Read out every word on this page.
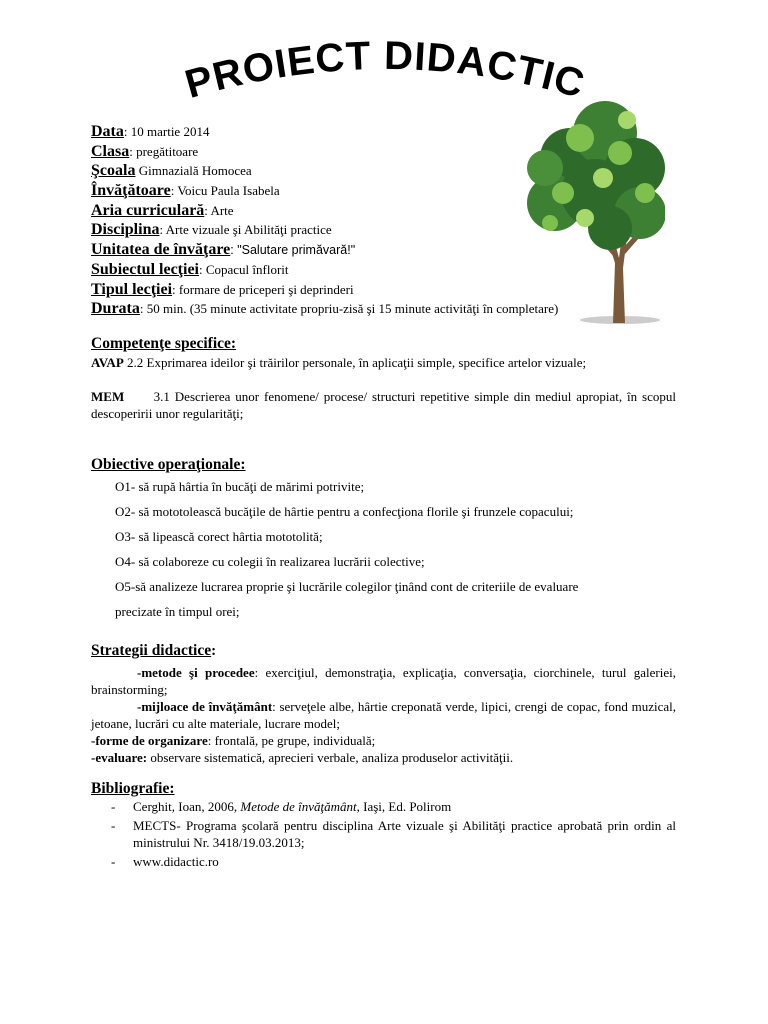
PROIECT DIDACTIC
Data: 10 martie 2014
Clasa: pregătitoare
Şcoala Gimnazială Homocea
Învăţătoare: Voicu Paula Isabela
Aria curriculară: Arte
Disciplina: Arte vizuale şi Abilităţi practice
Unitatea de învăţare: "Salutare primăvară!"
Subiectul lecţiei: Copacul înflorit
Tipul lecţiei: formare de priceperi şi deprinderi
Durata: 50 min. (35 minute activitate propriu-zisă şi 15 minute activităţi în completare)
Competenţe specifice:
AVAP 2.2 Exprimarea ideilor şi trăirilor personale, în aplicaţii simple, specifice artelor vizuale;
MEM      3.1 Descrierea unor fenomene/ procese/ structuri repetitive simple din mediul apropiat, în scopul descoperirii unor regularităţi;
Obiective operaţionale:
O1- să rupă hârtia în bucăţi de mărimi potrivite;
O2- să mototolească bucăţile de hârtie pentru a confecţiona florile şi frunzele copacului;
O3- să lipească corect hârtia mototolită;
O4- să colaboreze cu colegii în realizarea lucrării colective;
O5-să analizeze lucrarea proprie şi lucrările colegilor ţinând cont de criteriile de evaluare
precizate în timpul orei;
Strategii didactice:
-metode şi procedee: exerciţiul, demonstraţia, explicaţia, conversaţia, ciorchinele, turul galeriei, brainstorming;
-mijloace de învăţământ: serveţele albe, hârtie creponată verde, lipici, crengi de copac, fond muzical, jetoane, lucrări cu alte materiale, lucrare model;
-forme de organizare: frontală, pe grupe, individuală;
-evaluare: observare sistematică, aprecieri verbale, analiza produselor activităţii.
Bibliografie:
- Cerghit, Ioan, 2006, Metode de învăţământ, Iaşi, Ed. Polirom
- MECTS- Programa şcolară pentru disciplina Arte vizuale şi Abilităţi practice aprobată prin ordin al ministrului Nr. 3418/19.03.2013;
- www.didactic.ro
